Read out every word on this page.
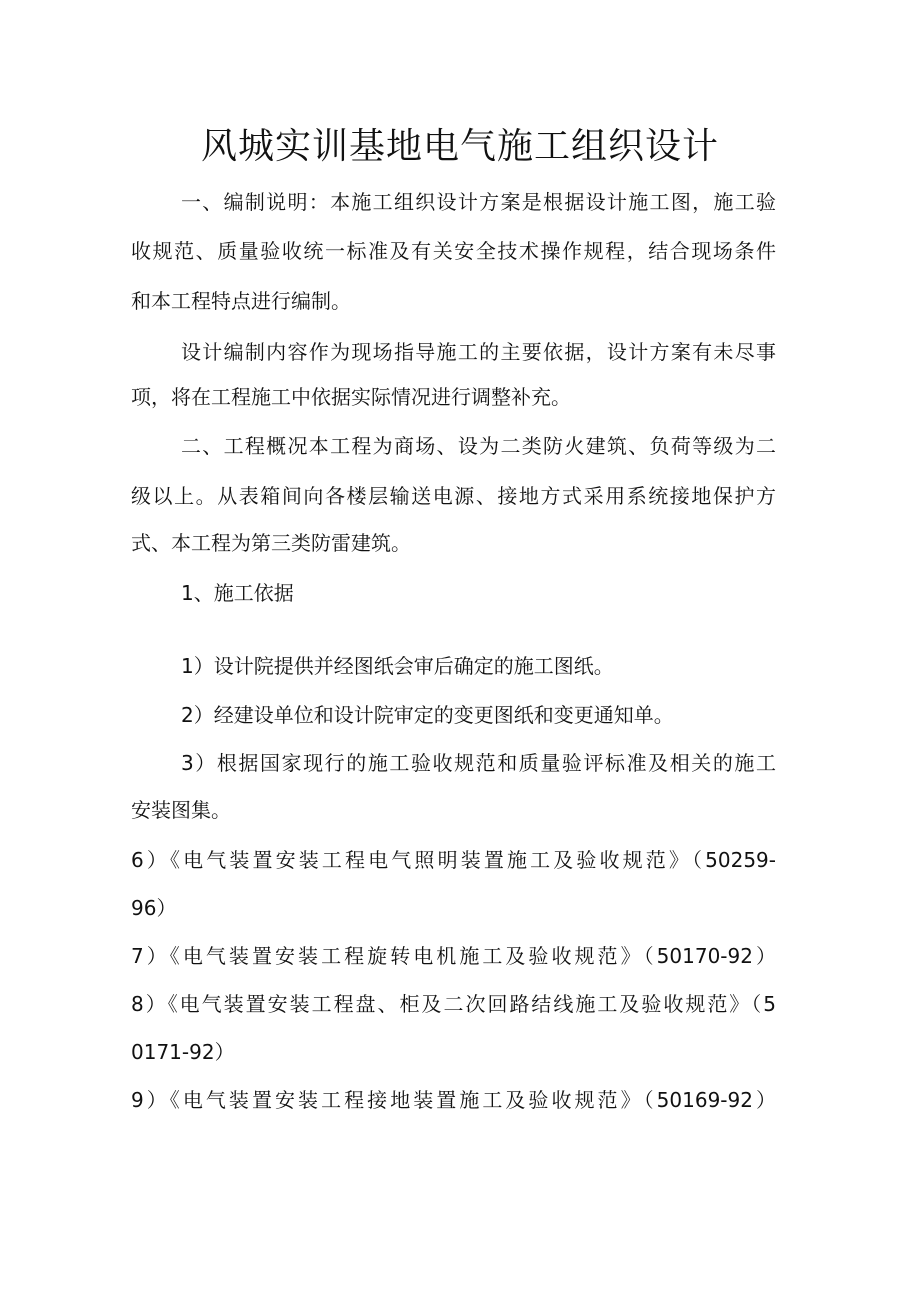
风城实训基地电气施工组织设计
一、编制说明：本施工组织设计方案是根据设计施工图，施工验
收规范、质量验收统一标准及有关安全技术操作规程，结合现场条件
和本工程特点进行编制。
设计编制内容作为现场指导施工的主要依据，设计方案有未尽事
项，将在工程施工中依据实际情况进行调整补充。
二、工程概况本工程为商场、设为二类防火建筑、负荷等级为二
级以上。从表箱间向各楼层输送电源、接地方式采用系统接地保护方
式、本工程为第三类防雷建筑。
1、施工依据
1）设计院提供并经图纸会审后确定的施工图纸。
2）经建设单位和设计院审定的变更图纸和变更通知单。
3）根据国家现行的施工验收规范和质量验评标准及相关的施工
安装图集。
6）《电气装置安装工程电气照明装置施工及验收规范》（50259-
96）
7）《电气装置安装工程旋转电机施工及验收规范》（50170-92）
8）《电气装置安装工程盘、柜及二次回路结线施工及验收规范》（5
0171-92）
9）《电气装置安装工程接地装置施工及验收规范》（50169-92）
